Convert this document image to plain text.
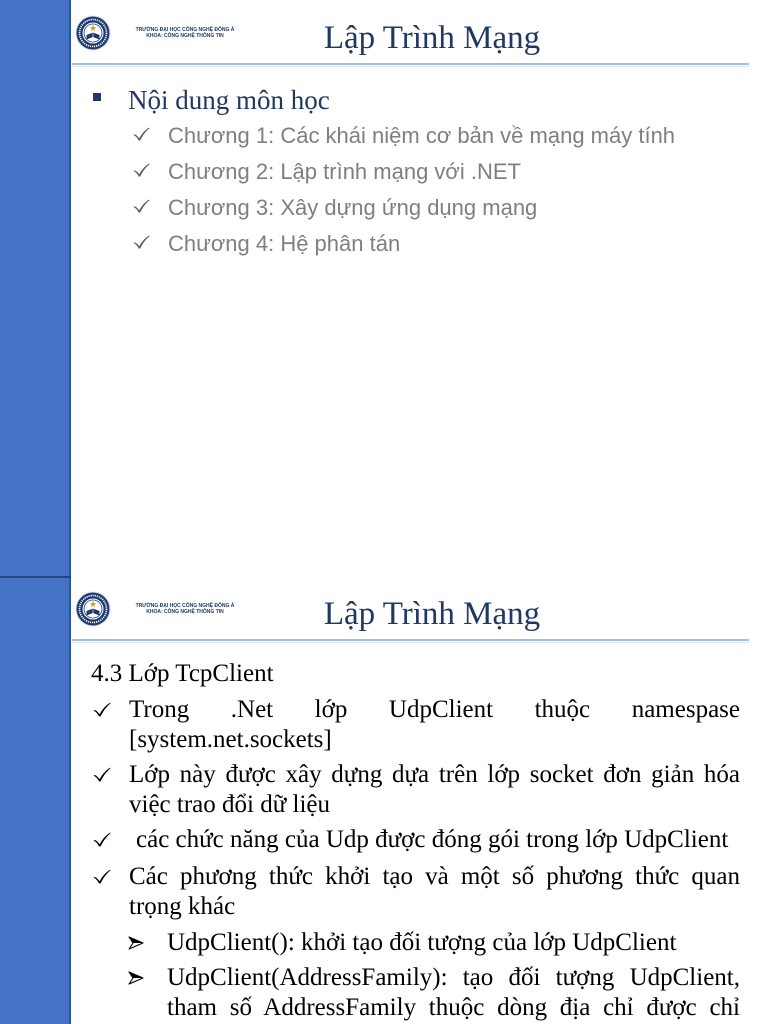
TRƯỜNG ĐẠI HỌC CÔNG NGHỆ ĐÔNG Á
KHOA: CÔNG NGHỆ THÔNG TIN	Lập Trình Mạng
Nội dung môn học
Chương 1: Các khái niệm cơ bản về mạng máy tính
Chương 2: Lập trình mạng với .NET
Chương 3: Xây dựng ứng dụng mạng
Chương 4: Hệ phân tán
TRƯỜNG ĐẠI HỌC CÔNG NGHỆ ĐÔNG Á
KHOA: CÔNG NGHỆ THÔNG TIN	Lập Trình Mạng
4.3 Lớp TcpClient
Trong .Net lớp UdpClient thuộc namespase
[system.net.sockets]
Lớp này được xây dựng dựa trên lớp socket đơn giản hóa
việc trao đổi dữ liệu
các chức năng của Udp được đóng gói trong lớp UdpClient
Các phương thức khởi tạo và một số phương thức quan
trọng khác
UdpClient(): khởi tạo đối tượng của lớp UdpClient
UdpClient(AddressFamily): tạo đối tượng UdpClient,
tham số AddressFamily thuộc dòng địa chỉ được chỉ
